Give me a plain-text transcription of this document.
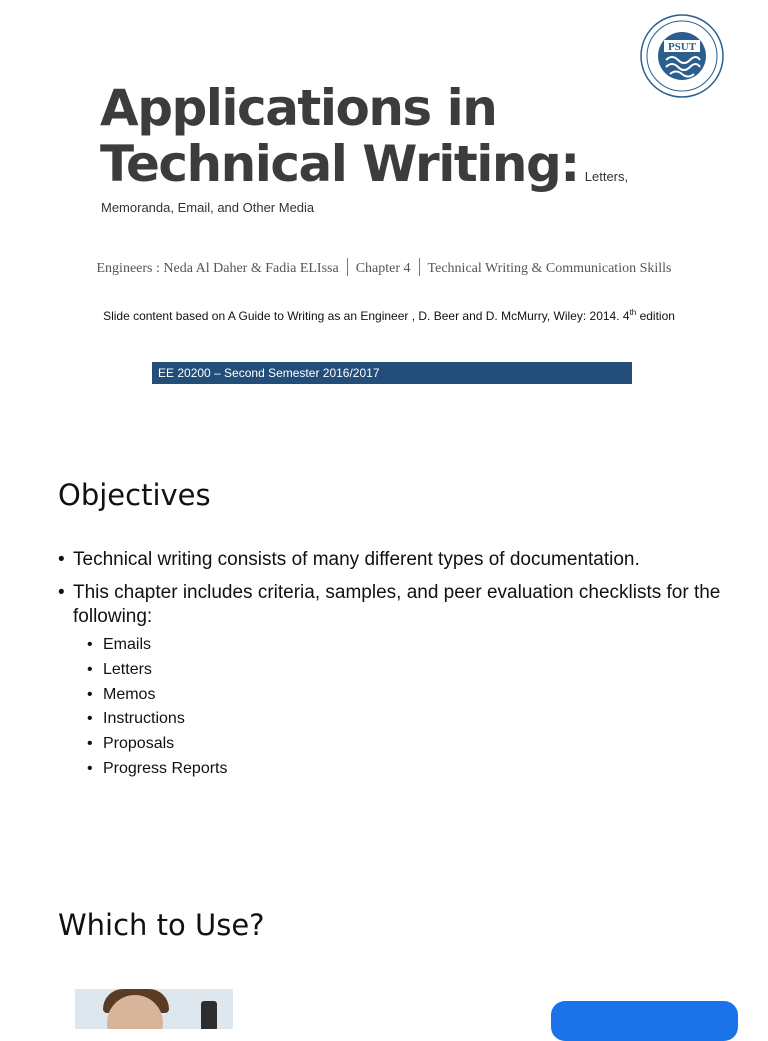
PSUT
Applications in
Technical Writing: Letters,
Memoranda, Email, and Other Media
Engineers : Neda Al Daher & Fadia ELIssa Chapter 4 Technical Writing & Communication Skills
Slide content based on A Guide to Writing as an Engineer , D. Beer and D. McMurry, Wiley: 2014. 4th edition
EE 20200 – Second Semester 2016/2017
Objectives
• Technical writing consists of many different types of documentation.
• This chapter includes criteria, samples, and peer evaluation checklists for the following:
• Emails
• Letters
• Memos
• Instructions
• Proposals
• Progress Reports
Which to Use?
